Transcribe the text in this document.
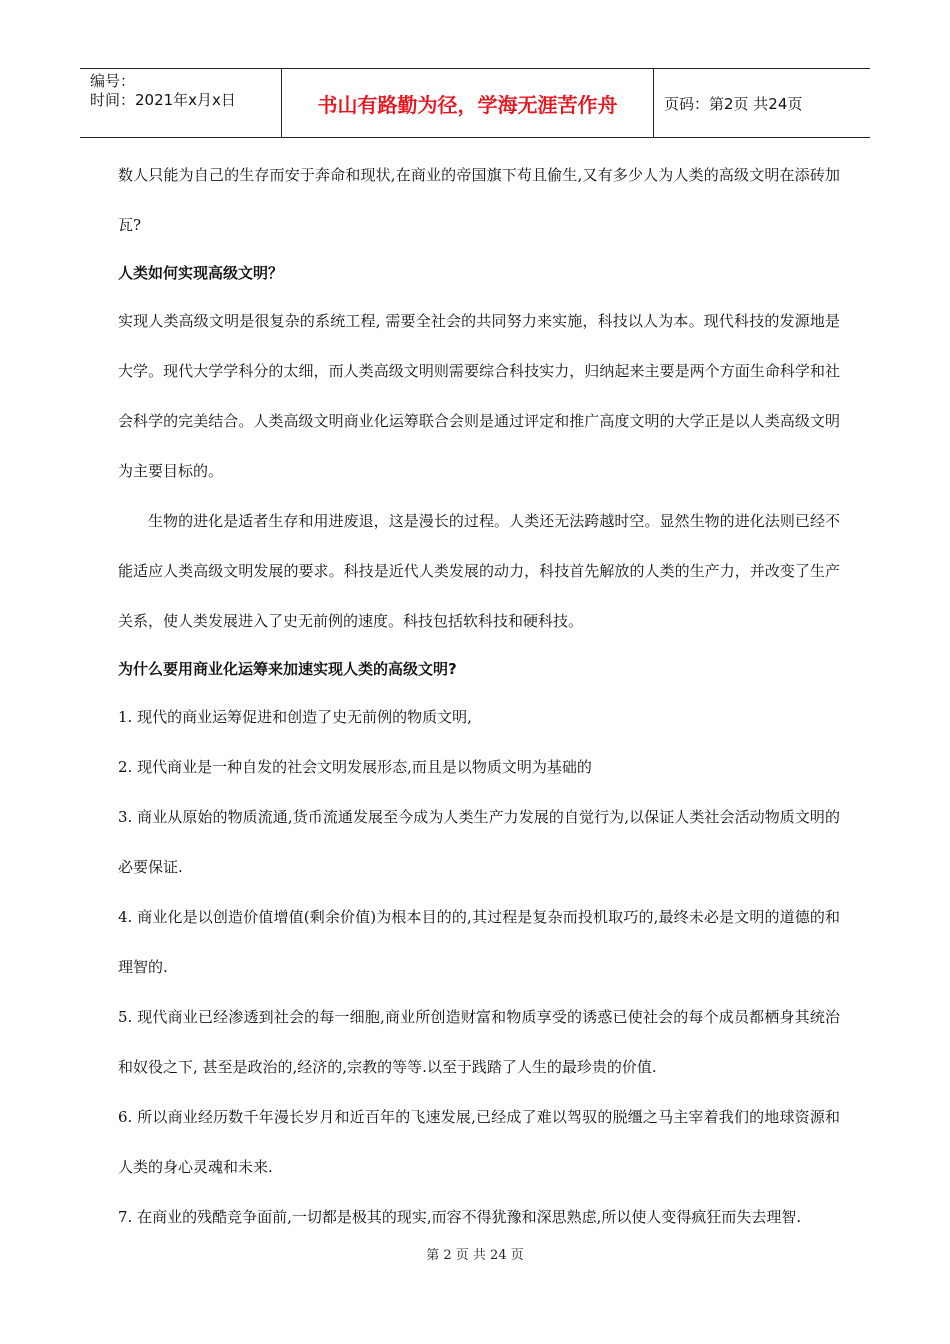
编号：
时间：2021年x月x日	书山有路勤为径，学海无涯苦作舟	页码：第2页 共24页

数人只能为自己的生存而安于奔命和现状,在商业的帝国旗下苟且偷生,又有多少人为人类的高级文明在添砖加瓦?

人类如何实现高级文明？

实现人类高级文明是很复杂的系统工程, 需要全社会的共同努力来实施，科技以人为本。现代科技的发源地是大学。现代大学学科分的太细，而人类高级文明则需要综合科技实力，归纳起来主要是两个方面生命科学和社会科学的完美结合。人类高级文明商业化运筹联合会则是通过评定和推广高度文明的大学正是以人类高级文明为主要目标的。

生物的进化是适者生存和用进废退，这是漫长的过程。人类还无法跨越时空。显然生物的进化法则已经不能适应人类高级文明发展的要求。科技是近代人类发展的动力，科技首先解放的人类的生产力，并改变了生产关系，使人类发展进入了史无前例的速度。科技包括软科技和硬科技。

为什么要用商业化运筹来加速实现人类的高级文明?

1. 现代的商业运筹促进和创造了史无前例的物质文明,

2. 现代商业是一种自发的社会文明发展形态,而且是以物质文明为基础的

3. 商业从原始的物质流通,货币流通发展至今成为人类生产力发展的自觉行为,以保证人类社会活动物质文明的必要保证.

4. 商业化是以创造价值增值(剩余价值)为根本目的的,其过程是复杂而投机取巧的,最终未必是文明的道德的和理智的.

5. 现代商业已经渗透到社会的每一细胞,商业所创造财富和物质享受的诱惑已使社会的每个成员都栖身其统治和奴役之下, 甚至是政治的,经济的,宗教的等等.以至于践踏了人生的最珍贵的价值.

6. 所以商业经历数千年漫长岁月和近百年的飞速发展,已经成了难以驾驭的脱缰之马主宰着我们的地球资源和人类的身心灵魂和未来.

7. 在商业的残酷竞争面前,一切都是极其的现实,而容不得犹豫和深思熟虑,所以使人变得疯狂而失去理智.

第 2 页 共 24 页
